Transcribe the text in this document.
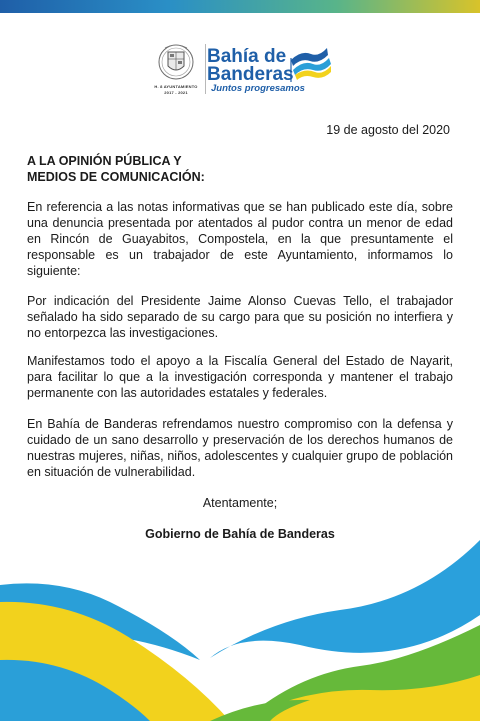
H. 8 AYUNTAMIENTO
2017 - 2021
Bahía de
Banderas
Juntos progresamos
19 de agosto del 2020
A LA OPINIÓN PÚBLICA Y
MEDIOS DE COMUNICACIÓN:

En referencia a las notas informativas que se han publicado este día, sobre una denuncia presentada por atentados al pudor contra un menor de edad en Rincón de Guayabitos, Compostela, en la que presuntamente el responsable es un trabajador de este Ayuntamiento, informamos lo siguiente:

Por indicación del Presidente Jaime Alonso Cuevas Tello, el trabajador señalado ha sido separado de su cargo para que su posición no interfiera y no entorpezca las investigaciones.

Manifestamos todo el apoyo a la Fiscalía General del Estado de Nayarit, para facilitar lo que a la investigación corresponda y mantener el trabajo permanente con las autoridades estatales y federales.

En Bahía de Banderas refrendamos nuestro compromiso con la defensa y cuidado de un sano desarrollo y preservación de los derechos humanos de nuestras mujeres, niñas, niños, adolescentes y cualquier grupo de población en situación de vulnerabilidad.

Atentamente;
Gobierno de Bahía de Banderas
